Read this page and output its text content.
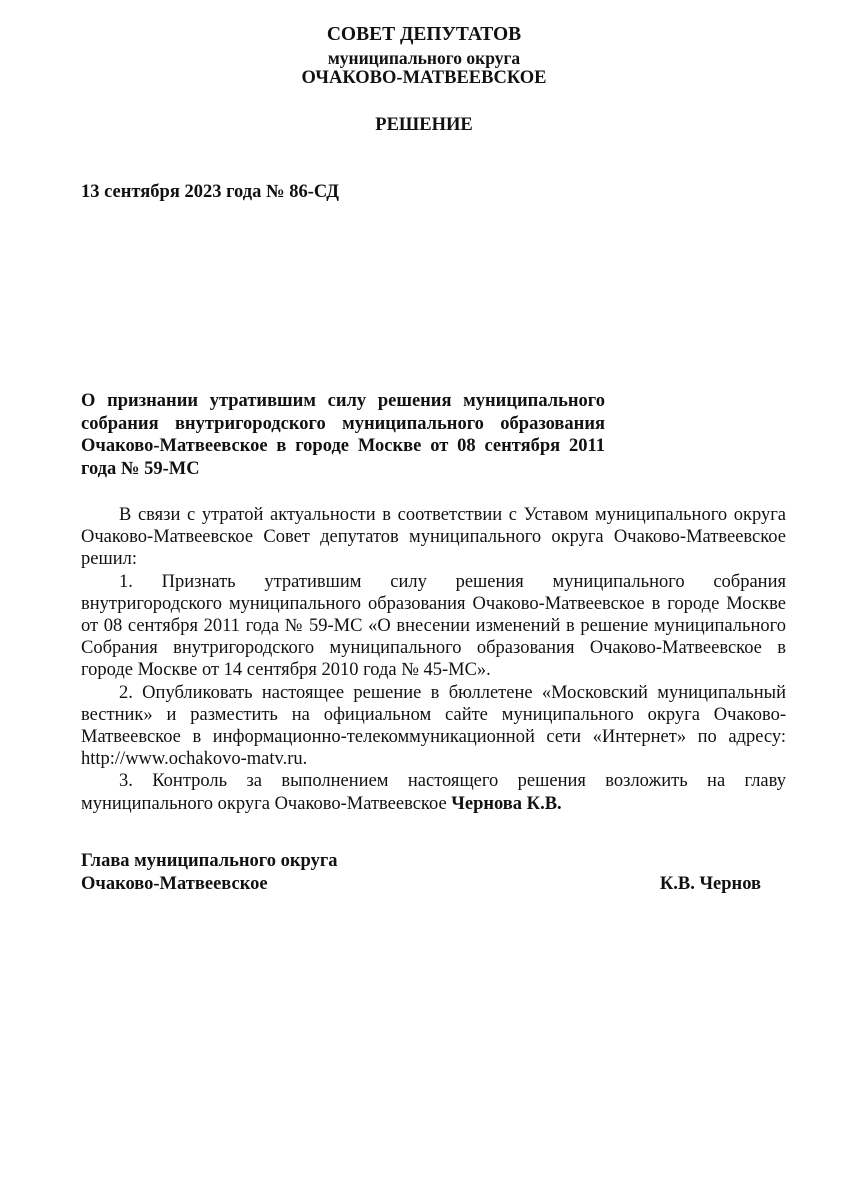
СОВЕТ ДЕПУТАТОВ
муниципального округа
ОЧАКОВО-МАТВЕЕВСКОЕ
РЕШЕНИЕ
13 сентября 2023 года № 86-СД

О признании утратившим силу решения муниципального собрания внутригородского муниципального образования Очаково-Матвеевское в городе Москве от 08 сентября 2011 года № 59-МС

В связи с утратой актуальности в соответствии с Уставом муниципального округа Очаково-Матвеевское Совет депутатов муниципального округа Очаково-Матвеевское решил:

1. Признать утратившим силу решения муниципального собрания внутригородского муниципального образования Очаково-Матвеевское в городе Москве от 08 сентября 2011 года № 59-МС «О внесении изменений в решение муниципального Собрания внутригородского муниципального образования Очаково-Матвеевское в городе Москве от 14 сентября 2010 года № 45-МС».

2. Опубликовать настоящее решение в бюллетене «Московский муниципальный вестник» и разместить на официальном сайте муниципального округа Очаково-Матвеевское в информационно-телекоммуникационной сети «Интернет» по адресу: http://www.ochakovo-matv.ru.

3. Контроль за выполнением настоящего решения возложить на главу муниципального округа Очаково-Матвеевское Чернова К.В.

Глава муниципального округа
Очаково-Матвеевское	К.В. Чернов
